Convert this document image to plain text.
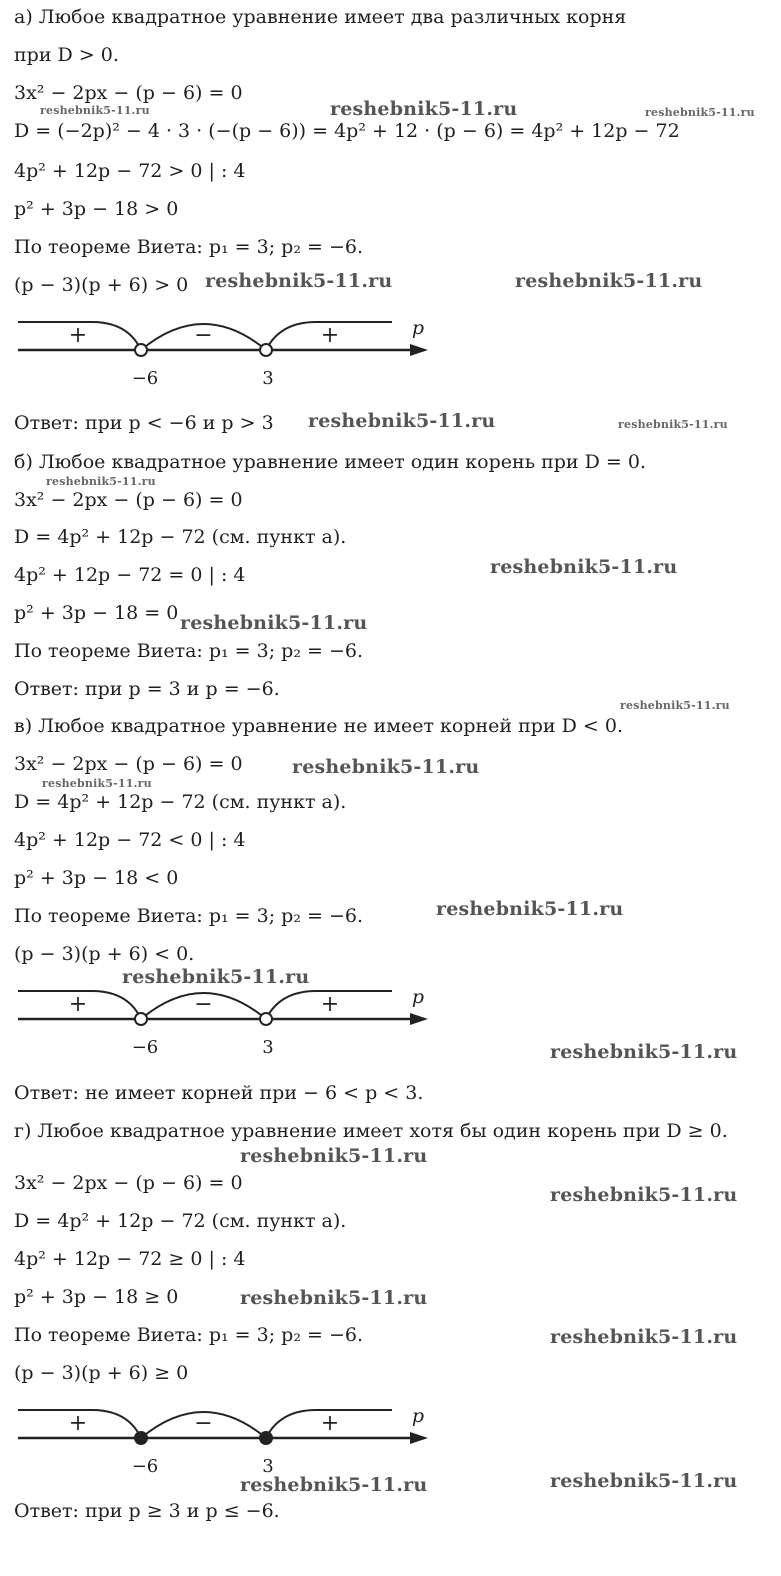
а) Любое квадратное уравнение имеет два различных корня
при D > 0.
3x² − 2px − (p − 6) = 0
D = (−2p)² − 4 · 3 · (−(p − 6)) = 4p² + 12 · (p − 6) = 4p² + 12p − 72
4p² + 12p − 72 > 0 | : 4
p² + 3p − 18 > 0
По теореме Виета: p₁ = 3; p₂ = −6.
(p − 3)(p + 6) > 0
+	−	+
−6	3
p
Ответ: при p < −6 и p > 3
б) Любое квадратное уравнение имеет один корень при D = 0.
3x² − 2px − (p − 6) = 0
D = 4p² + 12p − 72 (см. пункт а).
4p² + 12p − 72 = 0 | : 4
p² + 3p − 18 = 0
По теореме Виета: p₁ = 3; p₂ = −6.
Ответ: при p = 3 и p = −6.
в) Любое квадратное уравнение не имеет корней при D < 0.
3x² − 2px − (p − 6) = 0
D = 4p² + 12p − 72 (см. пункт а).
4p² + 12p − 72 < 0 | : 4
p² + 3p − 18 < 0
По теореме Виета: p₁ = 3; p₂ = −6.
(p − 3)(p + 6) < 0.
+	−	+
−6	3
p
Ответ: не имеет корней при − 6 < p < 3.
г) Любое квадратное уравнение имеет хотя бы один корень при D ≥ 0.
3x² − 2px − (p − 6) = 0
D = 4p² + 12p − 72 (см. пункт а).
4p² + 12p − 72 ≥ 0 | : 4
p² + 3p − 18 ≥ 0
По теореме Виета: p₁ = 3; p₂ = −6.
(p − 3)(p + 6) ≥ 0
+	−	+
−6	3
p
Ответ: при p ≥ 3 и p ≤ −6.
reshebnik5-11.ru	reshebnik5-11.ru	reshebnik5-11.ru
reshebnik5-11.ru	reshebnik5-11.ru
reshebnik5-11.ru	reshebnik5-11.ru
reshebnik5-11.ru
reshebnik5-11.ru
reshebnik5-11.ru
reshebnik5-11.ru
reshebnik5-11.ru
reshebnik5-11.ru
reshebnik5-11.ru
reshebnik5-11.ru
reshebnik5-11.ru
reshebnik5-11.ru
reshebnik5-11.ru
reshebnik5-11.ru
reshebnik5-11.ru
reshebnik5-11.ru	reshebnik5-11.ru
